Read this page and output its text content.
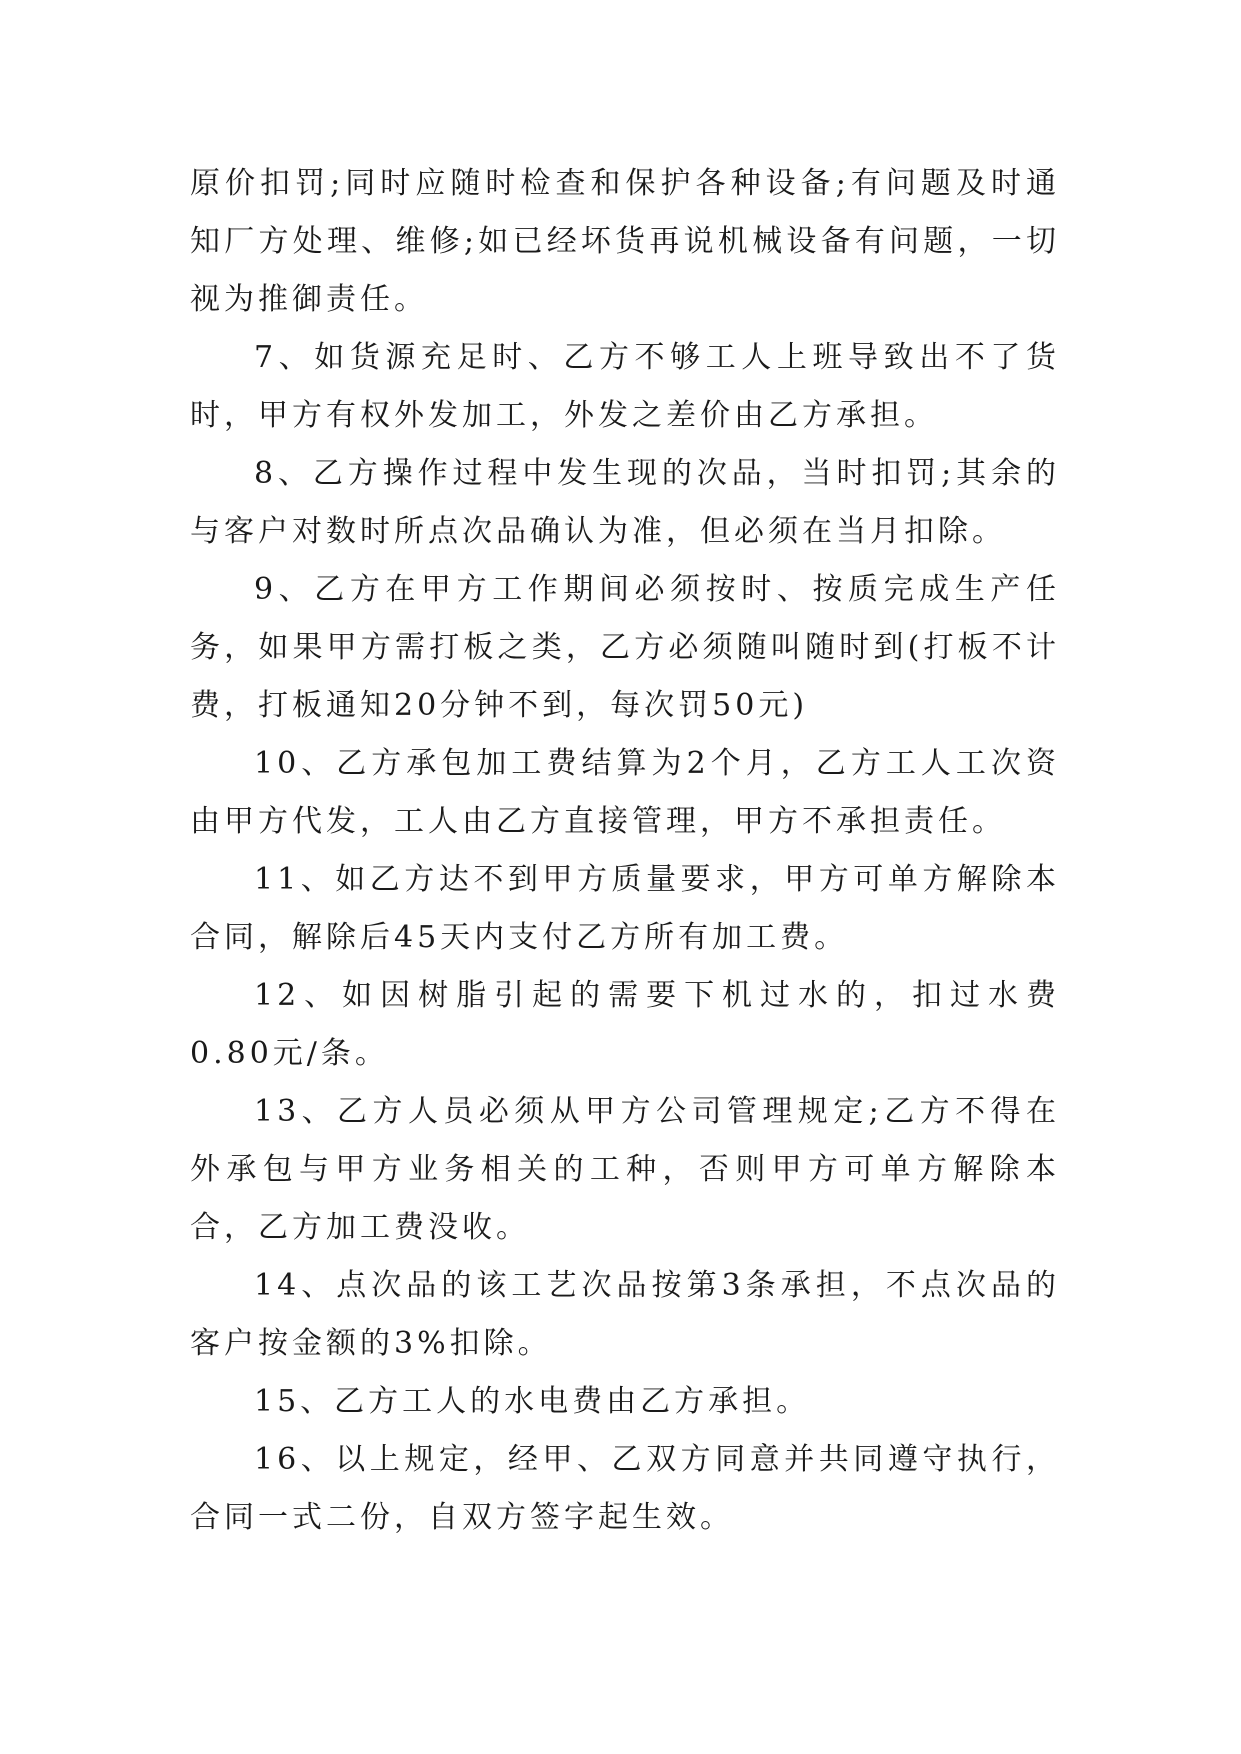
原价扣罚;同时应随时检查和保护各种设备;有问题及时通知厂方处理、维修;如已经坏货再说机械设备有问题，一切视为推御责任。

7、如货源充足时、乙方不够工人上班导致出不了货时，甲方有权外发加工，外发之差价由乙方承担。

8、乙方操作过程中发生现的次品，当时扣罚;其余的与客户对数时所点次品确认为准，但必须在当月扣除。

9、乙方在甲方工作期间必须按时、按质完成生产任务，如果甲方需打板之类，乙方必须随叫随时到(打板不计费，打板通知20分钟不到，每次罚50元)

10、乙方承包加工费结算为2个月，乙方工人工次资由甲方代发，工人由乙方直接管理，甲方不承担责任。

11、如乙方达不到甲方质量要求，甲方可单方解除本合同，解除后45天内支付乙方所有加工费。

12、如因树脂引起的需要下机过水的，扣过水费0.80元/条。

13、乙方人员必须从甲方公司管理规定;乙方不得在外承包与甲方业务相关的工种，否则甲方可单方解除本合，乙方加工费没收。

14、点次品的该工艺次品按第3条承担，不点次品的客户按金额的3%扣除。

15、乙方工人的水电费由乙方承担。

16、以上规定，经甲、乙双方同意并共同遵守执行，合同一式二份，自双方签字起生效。
